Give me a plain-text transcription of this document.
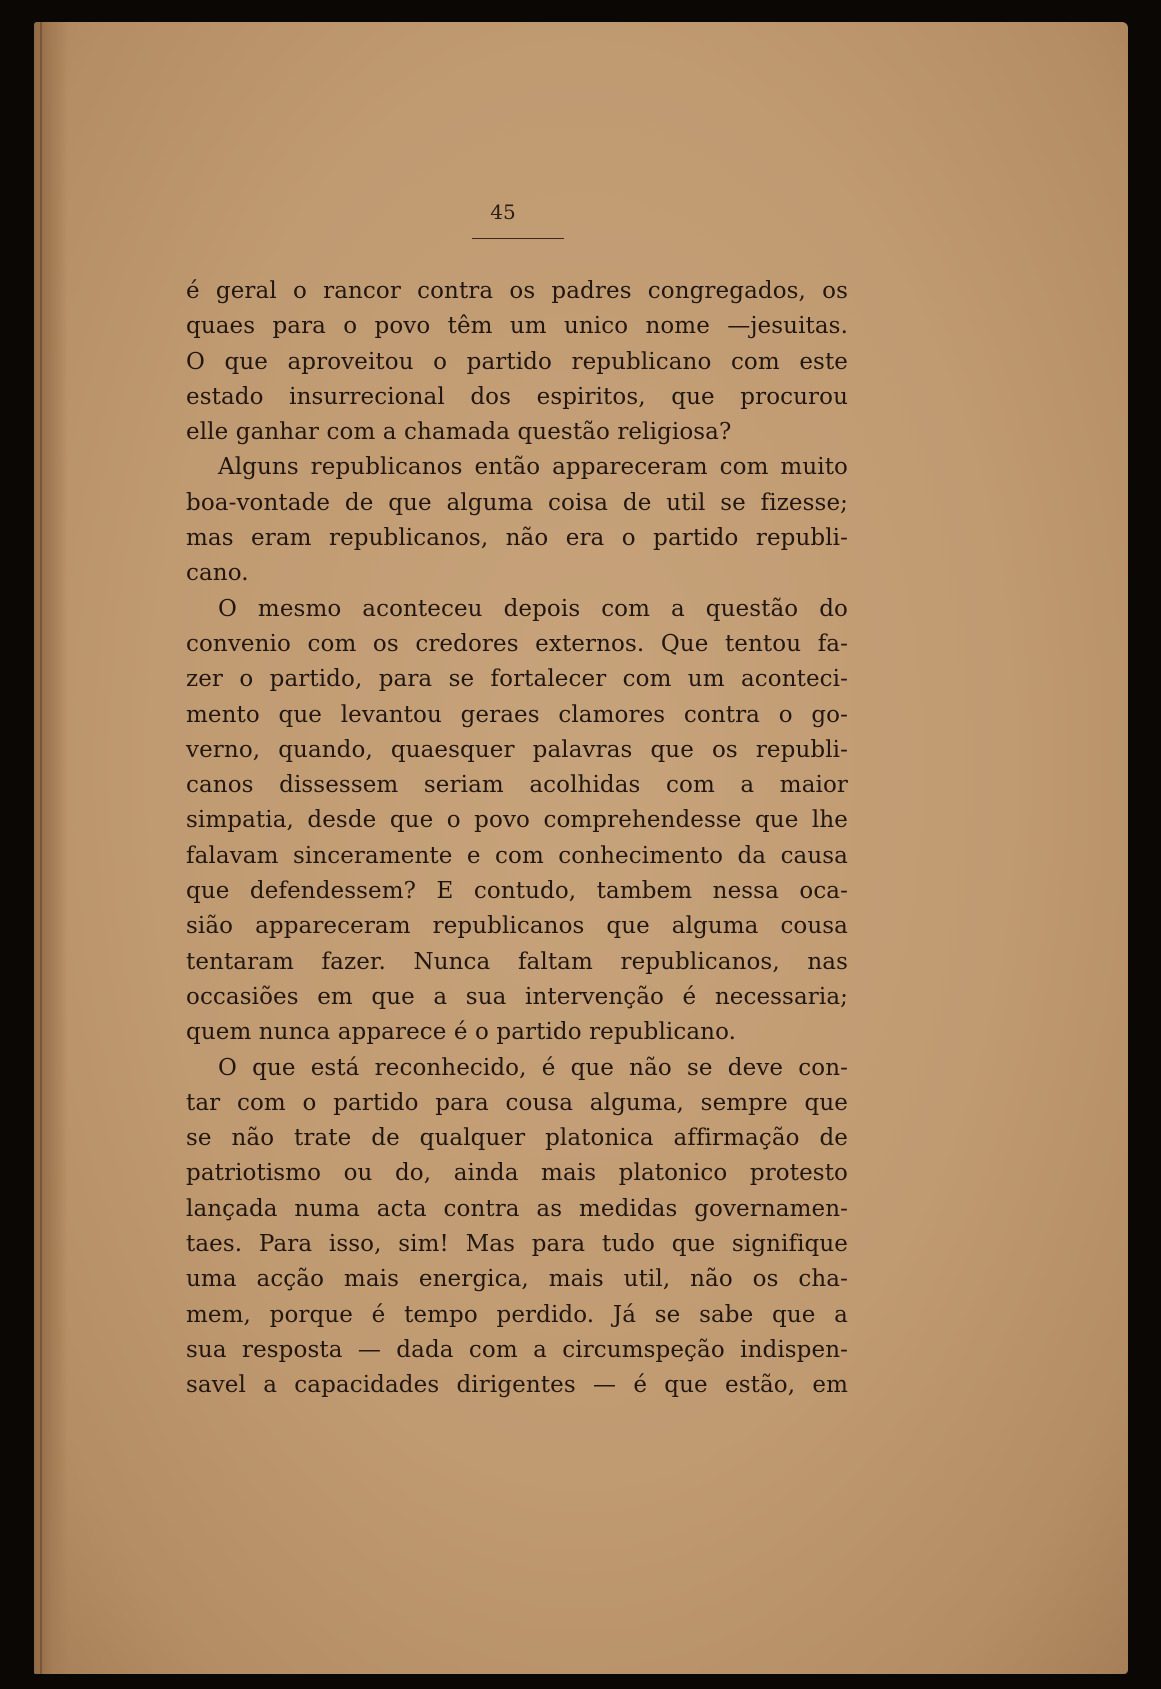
45

é geral o rancor contra os padres congregados, os
quaes para o povo têm um unico nome —jesuitas.
O que aproveitou o partido republicano com este
estado insurrecional dos espiritos, que procurou
elle ganhar com a chamada questão religiosa?
Alguns republicanos então appareceram com muito
boa-vontade de que alguma coisa de util se fizesse;
mas eram republicanos, não era o partido republi-
cano.
O mesmo aconteceu depois com a questão do
convenio com os credores externos. Que tentou fa-
zer o partido, para se fortalecer com um aconteci-
mento que levantou geraes clamores contra o go-
verno, quando, quaesquer palavras que os republi-
canos dissessem seriam acolhidas com a maior
simpatia, desde que o povo comprehendesse que lhe
falavam sinceramente e com conhecimento da causa
que defendessem? E contudo, tambem nessa oca-
sião appareceram republicanos que alguma cousa
tentaram fazer. Nunca faltam republicanos, nas
occasiões em que a sua intervenção é necessaria;
quem nunca apparece é o partido republicano.
O que está reconhecido, é que não se deve con-
tar com o partido para cousa alguma, sempre que
se não trate de qualquer platonica affirmação de
patriotismo ou do, ainda mais platonico protesto
lançada numa acta contra as medidas governamen-
taes. Para isso, sim! Mas para tudo que signifique
uma acção mais energica, mais util, não os cha-
mem, porque é tempo perdido. Já se sabe que a
sua resposta — dada com a circumspeção indispen-
savel a capacidades dirigentes — é que estão, em
